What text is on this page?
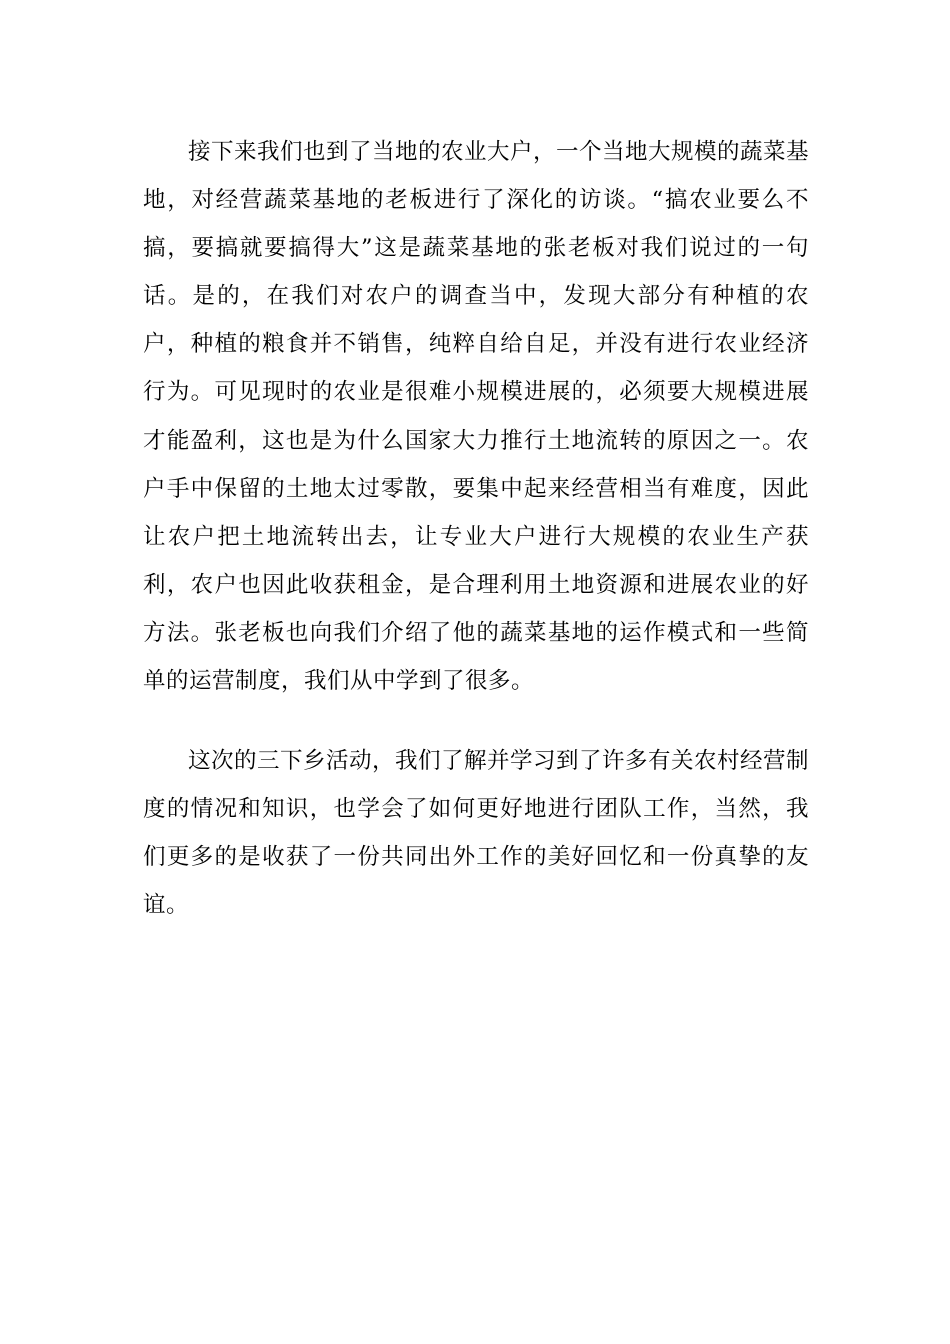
接下来我们也到了当地的农业大户，一个当地大规模的蔬菜基地，对经营蔬菜基地的老板进行了深化的访谈。“搞农业要么不搞，要搞就要搞得大”这是蔬菜基地的张老板对我们说过的一句话。是的，在我们对农户的调查当中，发现大部分有种植的农户，种植的粮食并不销售，纯粹自给自足，并没有进行农业经济行为。可见现时的农业是很难小规模进展的，必须要大规模进展才能盈利，这也是为什么国家大力推行土地流转的原因之一。农户手中保留的土地太过零散，要集中起来经营相当有难度，因此让农户把土地流转出去，让专业大户进行大规模的农业生产获利，农户也因此收获租金，是合理利用土地资源和进展农业的好方法。张老板也向我们介绍了他的蔬菜基地的运作模式和一些简单的运营制度，我们从中学到了很多。

这次的三下乡活动，我们了解并学习到了许多有关农村经营制度的情况和知识，也学会了如何更好地进行团队工作，当然，我们更多的是收获了一份共同出外工作的美好回忆和一份真挚的友谊。
